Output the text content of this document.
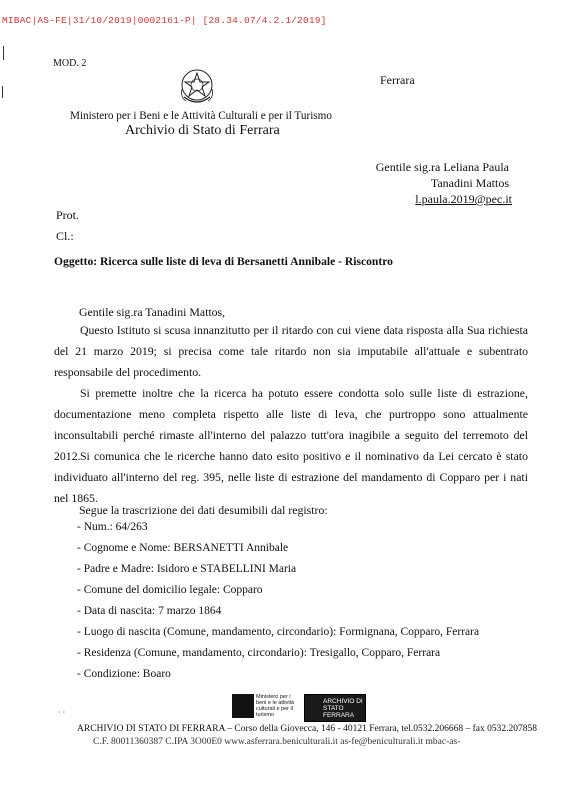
MIBAC|AS-FE|31/10/2019|0002161-P| [28.34.07/4.2.1/2019]
MOD. 2
Ferrara
Ministero per i Beni e le Attività Culturali e per il Turismo
Archivio di Stato di Ferrara
Gentile sig.ra Leliana Paula
Tanadini Mattos
l.paula.2019@pec.it
Prot.
Cl.:
Oggetto: Ricerca sulle liste di leva di Bersanetti Annibale - Riscontro
Gentile sig.ra Tanadini Mattos,
Questo Istituto si scusa innanzitutto per il ritardo con cui viene data risposta alla Sua richiesta del 21 marzo 2019; si precisa come tale ritardo non sia imputabile all'attuale e subentrato responsabile del procedimento.
Si premette inoltre che la ricerca ha potuto essere condotta solo sulle liste di estrazione, documentazione meno completa rispetto alle liste di leva, che purtroppo sono attualmente inconsultabili perché rimaste all'interno del palazzo tutt'ora inagibile a seguito del terremoto del 2012. Si comunica che le ricerche hanno dato esito positivo e il nominativo da Lei cercato è stato individuato all'interno del reg. 395, nelle liste di estrazione del mandamento di Copparo per i nati nel 1865.
Segue la trascrizione dei dati desumibili dal registro:
- Num.: 64/263
- Cognome e Nome: BERSANETTI Annibale
- Padre e Madre: Isidoro e STABELLINI Maria
- Comune del domicilio legale: Copparo
- Data di nascita: 7 marzo 1864
- Luogo di nascita (Comune, mandamento, circondario): Formignana, Copparo, Ferrara
- Residenza (Comune, mandamento, circondario): Tresigallo, Copparo, Ferrara
- Condizione: Boaro
Ministero per i beni e le attività culturali e per il turismo
ARCHIVIO DI STATO FERRARA
· ·
ARCHIVIO DI STATO DI FERRARA – Corso della Giovecca, 146 - 40121 Ferrara, tel.0532.206668 – fax 0532.207858
C.F. 80011360387 C.IPA 3O00E0 www.asferrara.beniculturali.it as-fe@beniculturali.it mbac-as-
